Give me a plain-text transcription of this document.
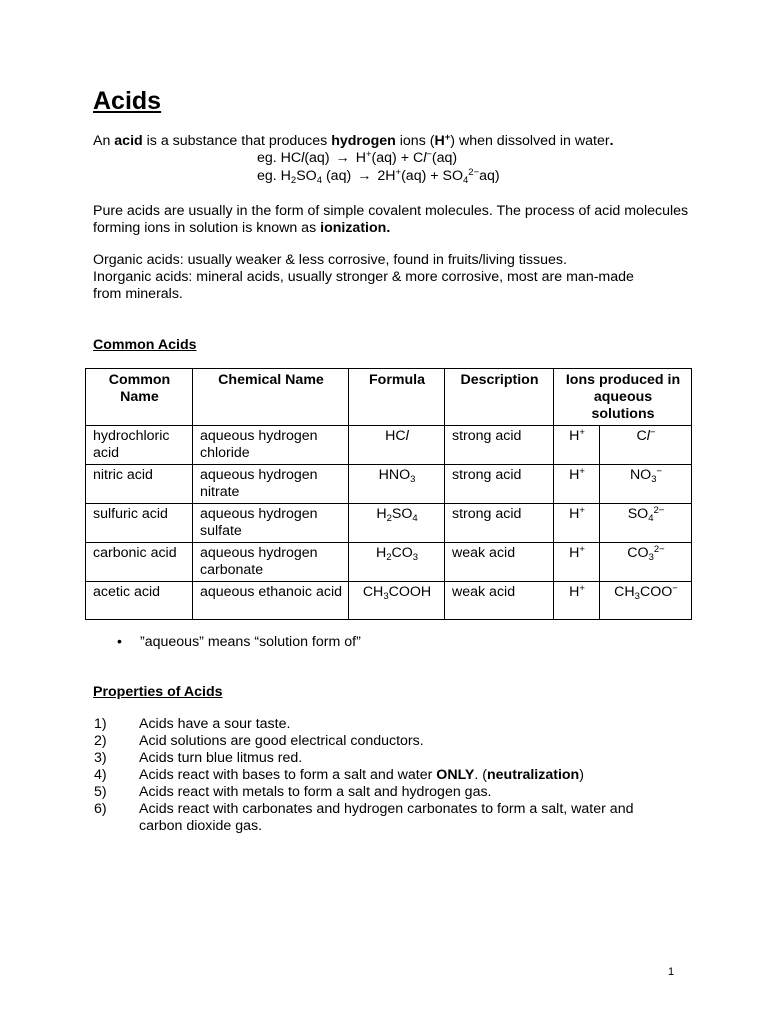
Acids

An acid is a substance that produces hydrogen ions (H+) when dissolved in water.

eg. HCl(aq) → H+(aq) + Cl−(aq)

eg. $H_2SO_4$ $(aq) \to 2H^+(aq) + SO_4^{2-}aq$)

Pure acids are usually in the form of simple covalent molecules. The process of acid molecules forming ions in solution is known as ionization.

Organic acids: usually weaker & less corrosive, found in fruits/living tissues.

Inorganic acids: mineral acids, usually stronger & more corrosive, most are man-made from minerals.

Common Acids

Common Name	Chemical Name	Formula	Description	Ions produced in aqueous solutions	
hydrochloric acid	aqueous hydrogen chloride	HCl	strong acid	H+	Cl−
nitric acid	aqueous hydrogen nitrate	$HNO_3$	strong acid	H+	$NO_3^-$
sulfuric acid	aqueous hydrogen sulfate	$H_2SO_4$	strong acid	H+	$SO_4^{2-}$
carbonic acid	aqueous hydrogen carbonate	$H_2CO_3$	weak acid	H+	$CO_3^{2-}$
acetic acid	aqueous ethanoic acid	$CH_3COOH$	weak acid	H+	$CH_3COO^-$
• ”aqueous” means “solution form of”

Properties of Acids

1) Acids have a sour taste.
2) Acid solutions are good electrical conductors.
3) Acids turn blue litmus red.
4) Acids react with bases to form a salt and water ONLY. (neutralization)
5) Acids react with metals to form a salt and hydrogen gas.
6) Acids react with carbonates and hydrogen carbonates to form a salt, water and carbon dioxide gas.
1
